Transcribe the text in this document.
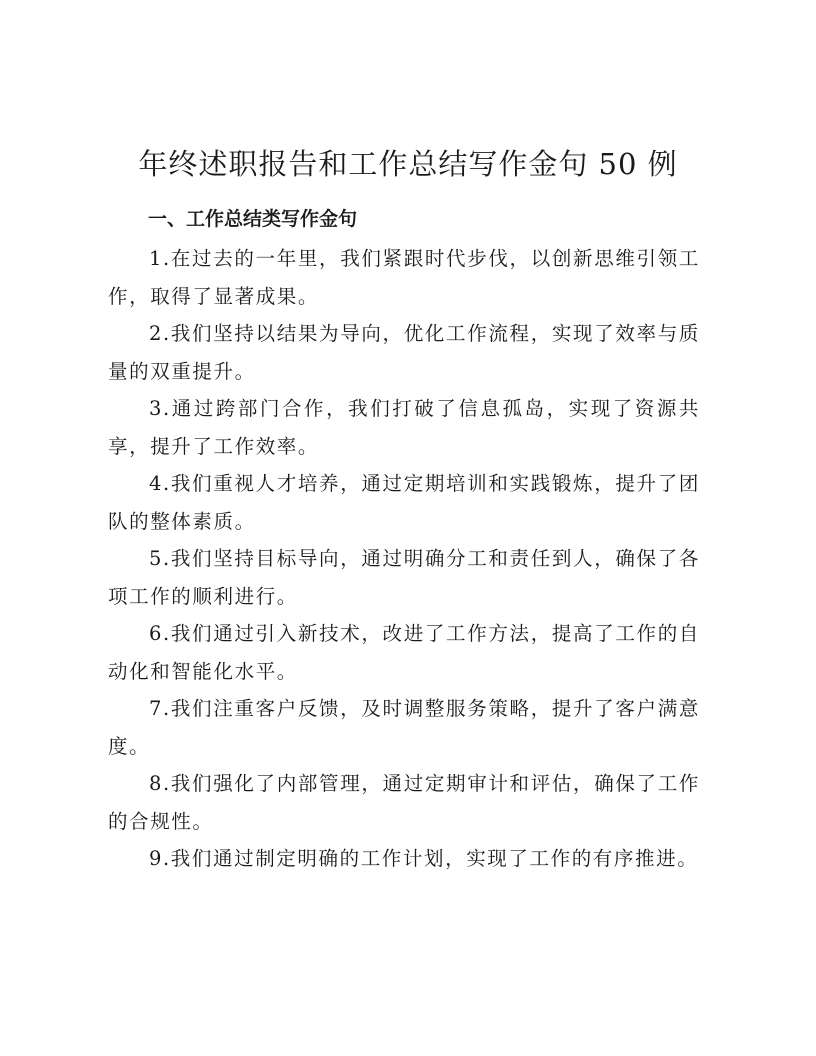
年终述职报告和工作总结写作金句 50 例
一、工作总结类写作金句

1.在过去的一年里，我们紧跟时代步伐，以创新思维引领工作，取得了显著成果。

2.我们坚持以结果为导向，优化工作流程，实现了效率与质量的双重提升。

3.通过跨部门合作，我们打破了信息孤岛，实现了资源共享，提升了工作效率。

4.我们重视人才培养，通过定期培训和实践锻炼，提升了团队的整体素质。

5.我们坚持目标导向，通过明确分工和责任到人，确保了各项工作的顺利进行。

6.我们通过引入新技术，改进了工作方法，提高了工作的自动化和智能化水平。

7.我们注重客户反馈，及时调整服务策略，提升了客户满意度。

8.我们强化了内部管理，通过定期审计和评估，确保了工作的合规性。

9.我们通过制定明确的工作计划，实现了工作的有序推进。
